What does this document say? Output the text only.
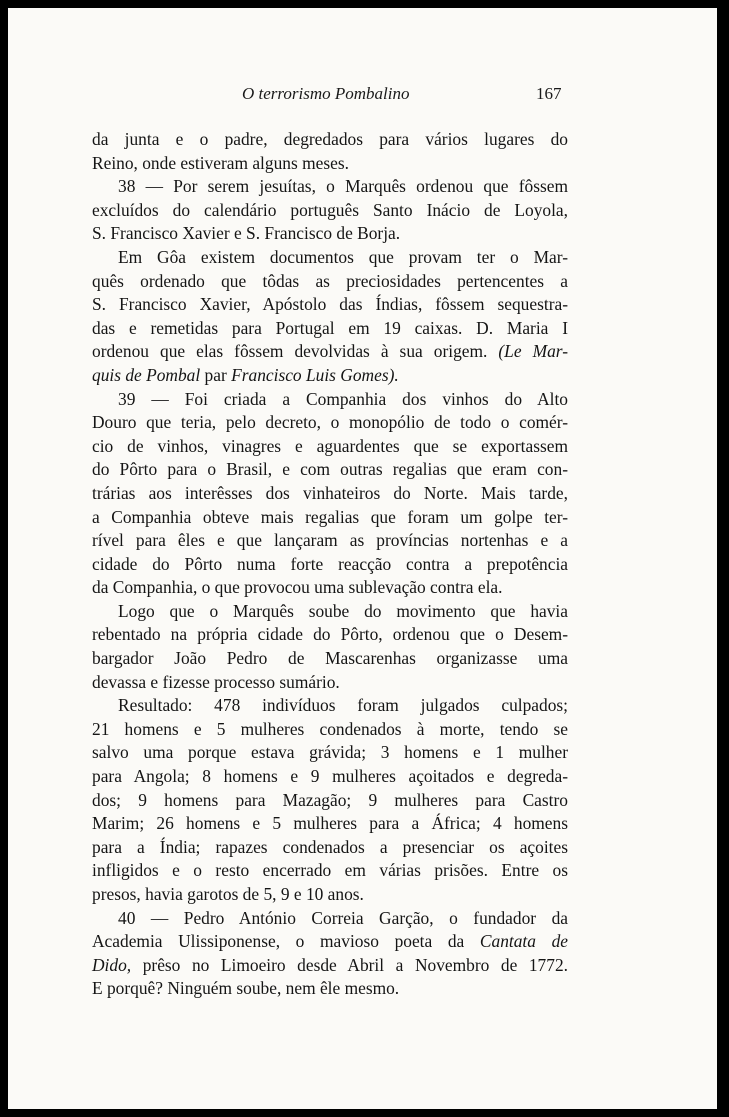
O terrorismo Pombalino	167
da junta e o padre, degredados para vários lugares do
Reino, onde estiveram alguns meses.
38 — Por serem jesuítas, o Marquês ordenou que fôssem
excluídos do calendário português Santo Inácio de Loyola,
S. Francisco Xavier e S. Francisco de Borja.
Em Gôa existem documentos que provam ter o Mar-
quês ordenado que tôdas as preciosidades pertencentes a
S. Francisco Xavier, Apóstolo das Índias, fôssem sequestra-
das e remetidas para Portugal em 19 caixas. D. Maria I
ordenou que elas fôssem devolvidas à sua origem. (Le Mar-
quis de Pombal par Francisco Luis Gomes).
39 — Foi criada a Companhia dos vinhos do Alto
Douro que teria, pelo decreto, o monopólio de todo o comér-
cio de vinhos, vinagres e aguardentes que se exportassem
do Pôrto para o Brasil, e com outras regalias que eram con-
trárias aos interêsses dos vinhateiros do Norte. Mais tarde,
a Companhia obteve mais regalias que foram um golpe ter-
rível para êles e que lançaram as províncias nortenhas e a
cidade do Pôrto numa forte reacção contra a prepotência
da Companhia, o que provocou uma sublevação contra ela.
Logo que o Marquês soube do movimento que havia
rebentado na própria cidade do Pôrto, ordenou que o Desem-
bargador João Pedro de Mascarenhas organizasse uma
devassa e fizesse processo sumário.
Resultado: 478 indivíduos foram julgados culpados;
21 homens e 5 mulheres condenados à morte, tendo se
salvo uma porque estava grávida; 3 homens e 1 mulher
para Angola; 8 homens e 9 mulheres açoitados e degreda-
dos; 9 homens para Mazagão; 9 mulheres para Castro
Marim; 26 homens e 5 mulheres para a África; 4 homens
para a Índia; rapazes condenados a presenciar os açoites
infligidos e o resto encerrado em várias prisões. Entre os
presos, havia garotos de 5, 9 e 10 anos.
40 — Pedro António Correia Garção, o fundador da
Academia Ulissiponense, o mavioso poeta da Cantata de
Dido, prêso no Limoeiro desde Abril a Novembro de 1772.
E porquê? Ninguém soube, nem êle mesmo.
